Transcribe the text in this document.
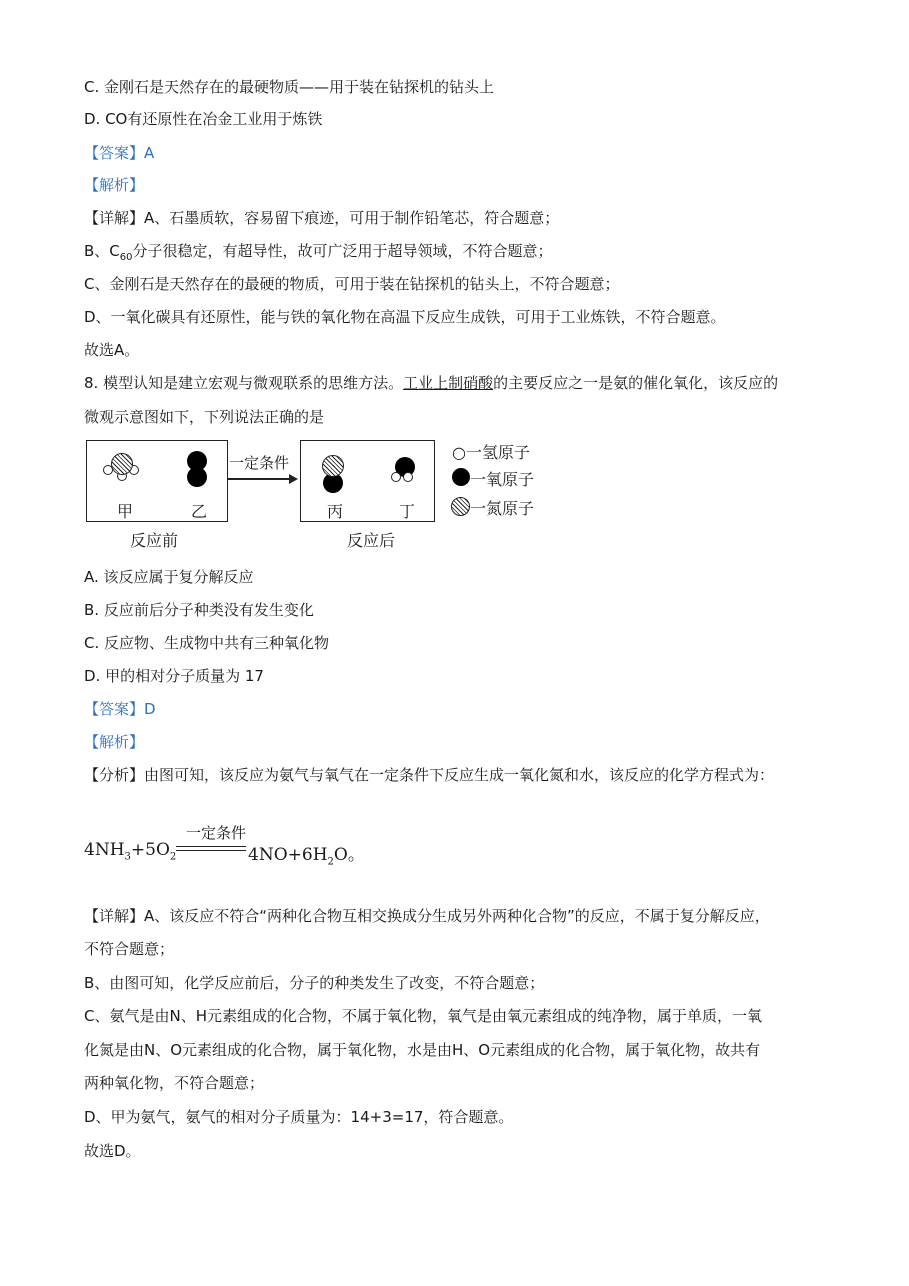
C. 金刚石是天然存在的最硬物质——用于装在钻探机的钻头上
D. CO有还原性在冶金工业用于炼铁
【答案】A
【解析】
【详解】A、石墨质软，容易留下痕迹，可用于制作铅笔芯，符合题意；
B、$C_{60}$分子很稳定，有超导性，故可广泛用于超导领域，不符合题意；
C、金刚石是天然存在的最硬的物质，可用于装在钻探机的钻头上，不符合题意；
D、一氧化碳具有还原性，能与铁的氧化物在高温下反应生成铁，可用于工业炼铁，不符合题意。
故选A。
8. 模型认知是建立宏观与微观联系的思维方法。工业上制硝酸的主要反应之一是氨的催化氧化，该反应的
微观示意图如下，下列说法正确的是
甲	乙
一定条件
丙	丁
反应前	反应后
○一氢原子
一氧原子
一氮原子
A. 该反应属于复分解反应
B. 反应前后分子种类没有发生变化
C. 反应物、生成物中共有三种氧化物
D. 甲的相对分子质量为 17
【答案】D
【解析】
【分析】由图可知，该反应为氨气与氧气在一定条件下反应生成一氧化氮和水，该反应的化学方程式为：
$4NH_3+5O_2$
一定条件
$4NO+6H_2O$。
【详解】A、该反应不符合“两种化合物互相交换成分生成另外两种化合物”的反应，不属于复分解反应，
不符合题意；
B、由图可知，化学反应前后，分子的种类发生了改变，不符合题意；
C、氨气是由N、H元素组成的化合物，不属于氧化物，氧气是由氧元素组成的纯净物，属于单质，一氧
化氮是由N、O元素组成的化合物，属于氧化物，水是由H、O元素组成的化合物，属于氧化物，故共有
两种氧化物，不符合题意；
D、甲为氨气，氨气的相对分子质量为：14+3=17，符合题意。
故选D。
